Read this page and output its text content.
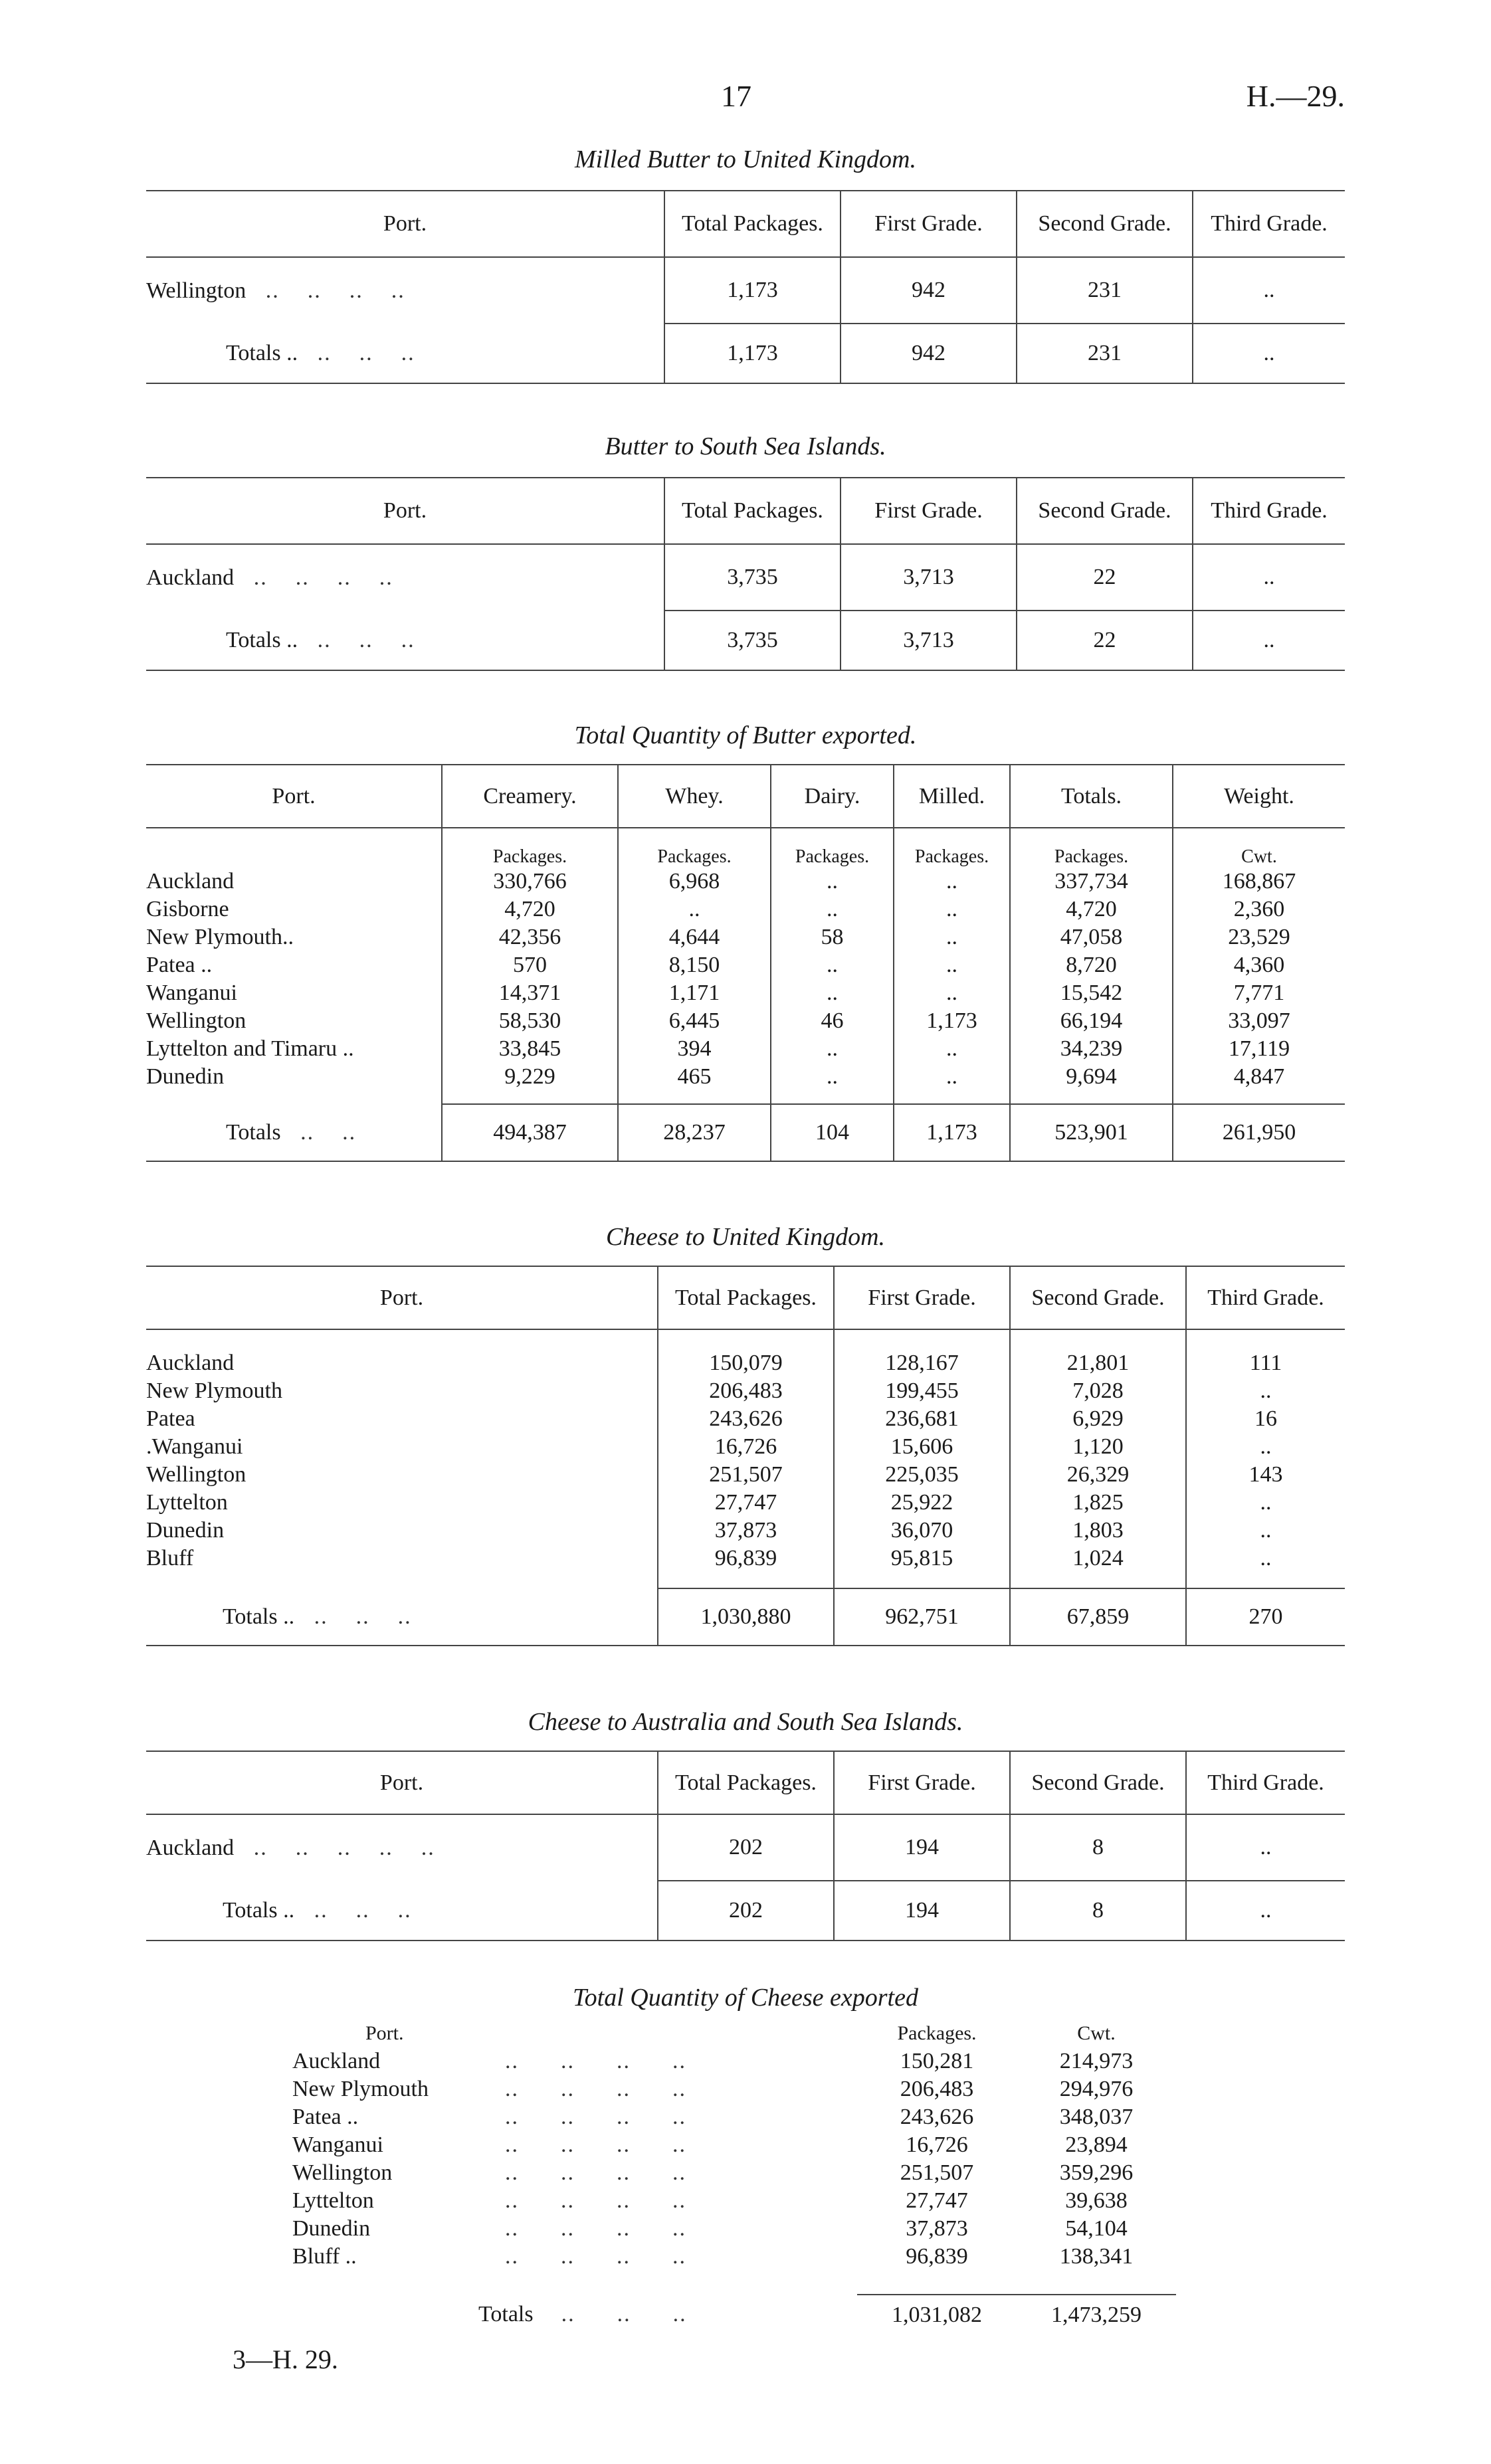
17	H.—29.
Milled Butter to United Kingdom.
Port.	Total Packages.	First Grade.	Second Grade.	Third Grade.
Wellington   ..    ..    ..    ..	1,173	942	231	..
Totals ..   ..    ..    ..	1,173	942	231	..
Butter to South Sea Islands.
Port.	Total Packages.	First Grade.	Second Grade.	Third Grade.
Auckland   ..    ..    ..    ..	3,735	3,713	22	..
Totals ..   ..    ..    ..	3,735	3,713	22	..
Total Quantity of Butter exported.
Port.	Creamery.	Whey.	Dairy.	Milled.	Totals.	Weight.
	Packages.	Packages.	Packages.	Packages.	Packages.	Cwt.
Auckland	330,766	6,968	..	..	337,734	168,867
Gisborne	4,720	..	..	..	4,720	2,360
New Plymouth..	42,356	4,644	58	..	47,058	23,529
Patea ..	570	8,150	..	..	8,720	4,360
Wanganui	14,371	1,171	..	..	15,542	7,771
Wellington	58,530	6,445	46	1,173	66,194	33,097
Lyttelton and Timaru ..	33,845	394	..	..	34,239	17,119
Dunedin	9,229	465	..	..	9,694	4,847

Totals   ..    ..	494,387	28,237	104	1,173	523,901	261,950
Cheese to United Kingdom.
Port.	Total Packages.	First Grade.	Second Grade.	Third Grade.

Auckland	150,079	128,167	21,801	111
New Plymouth	206,483	199,455	7,028	..
Patea	243,626	236,681	6,929	16
.Wanganui	16,726	15,606	1,120	..
Wellington	251,507	225,035	26,329	143
Lyttelton	27,747	25,922	1,825	..
Dunedin	37,873	36,070	1,803	..
Bluff	96,839	95,815	1,024	..

Totals ..   ..    ..    ..	1,030,880	962,751	67,859	270
Cheese to Australia and South Sea Islands.
Port.	Total Packages.	First Grade.	Second Grade.	Third Grade.
Auckland   ..    ..    ..    ..    ..	202	194	8	..
Totals ..   ..    ..    ..	202	194	8	..
Total Quantity of Cheese exported
Port.		Packages.	Cwt.
Auckland	..      ..      ..      ..	150,281	214,973
New Plymouth	..      ..      ..      ..	206,483	294,976
Patea ..	..      ..      ..      ..	243,626	348,037
Wanganui	..      ..      ..      ..	16,726	23,894
Wellington	..      ..      ..      ..	251,507	359,296
Lyttelton	..      ..      ..      ..	27,747	39,638
Dunedin	..      ..      ..      ..	37,873	54,104
Bluff ..	..      ..      ..      ..	96,839	138,341

	Totals    ..      ..      ..	1,031,082	1,473,259
3—H. 29.
